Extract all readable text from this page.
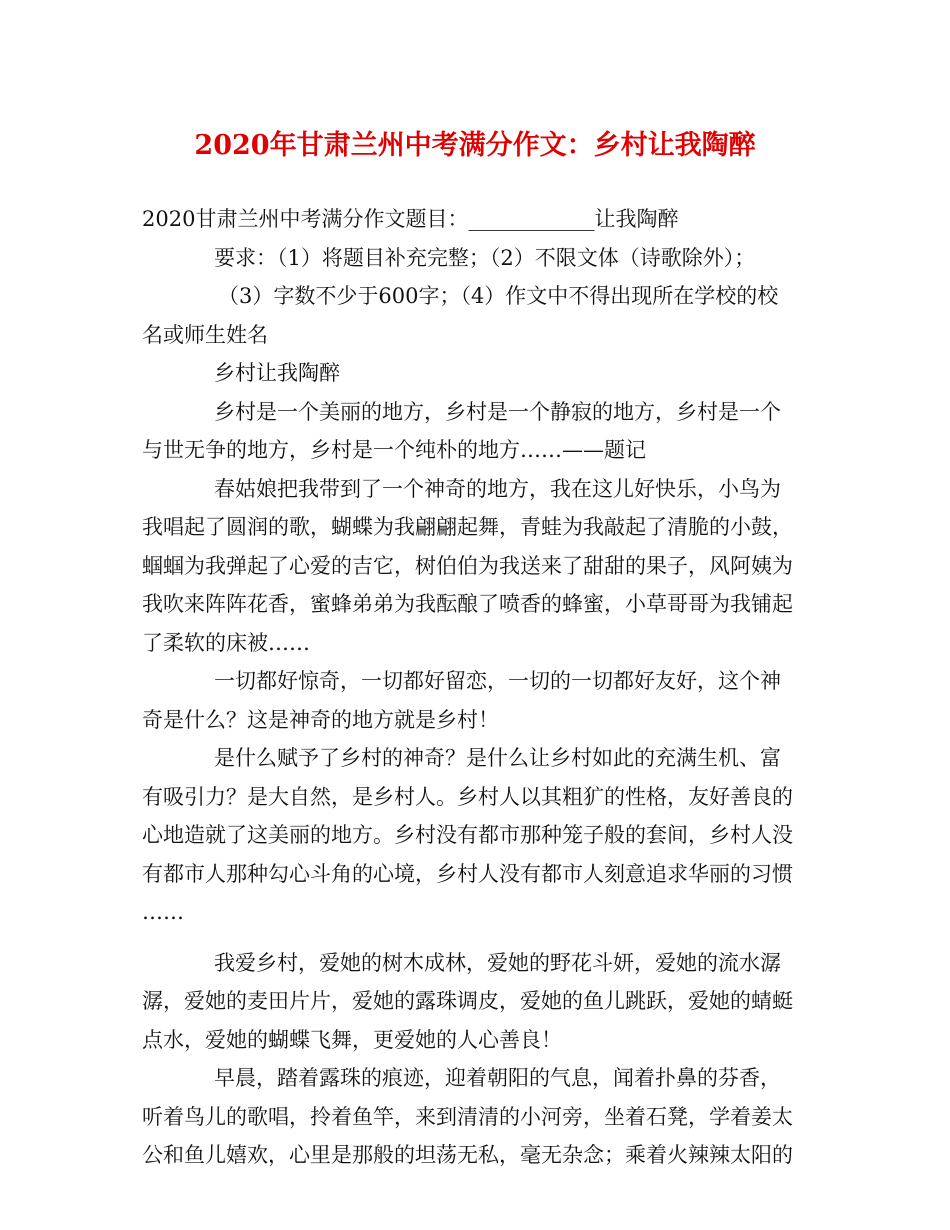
2020年甘肃兰州中考满分作文：乡村让我陶醉
2020甘肃兰州中考满分作文题目：____________让我陶醉
要求：（1）将题目补充完整；（2）不限文体（诗歌除外）；
（3）字数不少于600字；（4）作文中不得出现所在学校的校
名或师生姓名
乡村让我陶醉
乡村是一个美丽的地方，乡村是一个静寂的地方，乡村是一个
与世无争的地方，乡村是一个纯朴的地方……——题记
春姑娘把我带到了一个神奇的地方，我在这儿好快乐，小鸟为
我唱起了圆润的歌，蝴蝶为我翩翩起舞，青蛙为我敲起了清脆的小鼓，
蝈蝈为我弹起了心爱的吉它，树伯伯为我送来了甜甜的果子，风阿姨为
我吹来阵阵花香，蜜蜂弟弟为我酝酿了喷香的蜂蜜，小草哥哥为我铺起
了柔软的床被……
一切都好惊奇，一切都好留恋，一切的一切都好友好，这个神
奇是什么？这是神奇的地方就是乡村！
是什么赋予了乡村的神奇？是什么让乡村如此的充满生机、富
有吸引力？是大自然，是乡村人。乡村人以其粗犷的性格，友好善良的
心地造就了这美丽的地方。乡村没有都市那种笼子般的套间，乡村人没
有都市人那种勾心斗角的心境，乡村人没有都市人刻意追求华丽的习惯
……
我爱乡村，爱她的树木成林，爱她的野花斗妍，爱她的流水潺
潺，爱她的麦田片片，爱她的露珠调皮，爱她的鱼儿跳跃，爱她的蜻蜓
点水，爱她的蝴蝶飞舞，更爱她的人心善良！
早晨，踏着露珠的痕迹，迎着朝阳的气息，闻着扑鼻的芬香，
听着鸟儿的歌唱，拎着鱼竿，来到清清的小河旁，坐着石凳，学着姜太
公和鱼儿嬉欢，心里是那般的坦荡无私，毫无杂念；乘着火辣辣太阳的
